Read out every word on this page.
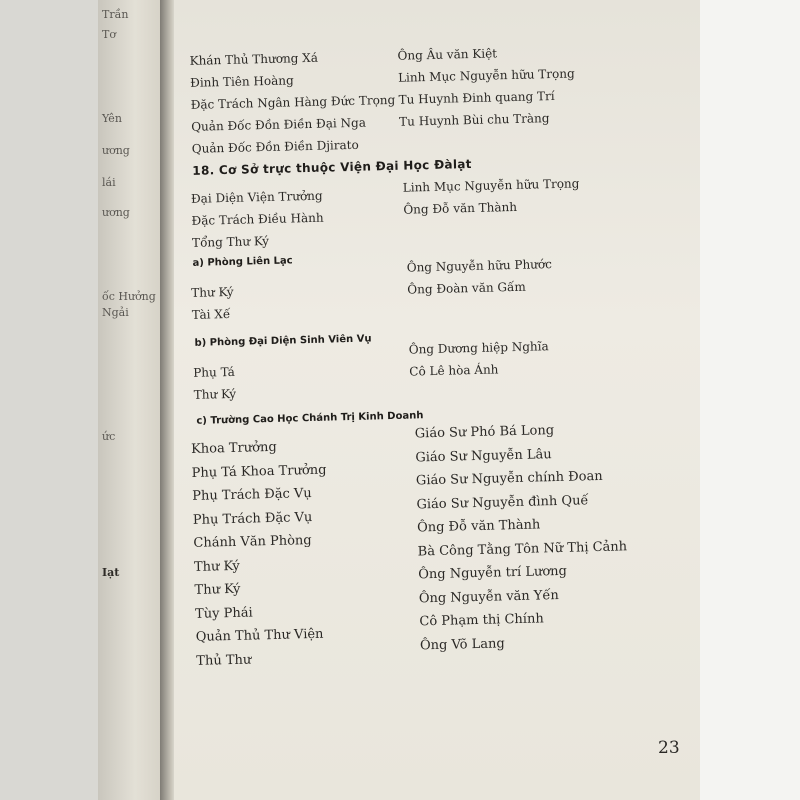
Trần
Tơ
Yên
ương
lái
ương
ốc Hưởng
Ngải
ức
Iạt
Khán Thủ Thương Xá
Đinh Tiên Hoàng
Đặc Trách Ngân Hàng Đức Trọng
Quản Đốc Đồn Điền Đại Nga
Quản Đốc Đồn Điền Djirato
Ông Âu văn Kiệt
Linh Mục Nguyễn hữu Trọng
Tu Huynh Đinh quang Trí
Tu Huynh Bùi chu Tràng
18. Cơ Sở trực thuộc Viện Đại Học Đàlạt
Đại Diện Viện Trưởng
Đặc Trách Điều Hành
Tổng Thư Ký
Linh Mục Nguyễn hữu Trọng
Ông Đỗ văn Thành
a) Phòng Liên Lạc
Thư Ký
Tài Xế
Ông Nguyễn hữu Phước
Ông Đoàn văn Gấm
b) Phòng Đại Diện Sinh Viên Vụ
Phụ Tá
Thư Ký
Ông Dương hiệp Nghĩa
Cô Lê hòa Ánh
c) Trường Cao Học Chánh Trị Kinh Doanh
Khoa Trưởng
Phụ Tá Khoa Trưởng
Phụ Trách Đặc Vụ
Phụ Trách Đặc Vụ
Chánh Văn Phòng
Thư Ký
Thư Ký
Tùy Phái
Quản Thủ Thư Viện
Thủ Thư
Giáo Sư Phó Bá Long
Giáo Sư Nguyễn Lâu
Giáo Sư Nguyễn chính Đoan
Giáo Sư Nguyễn đình Quế
Ông Đỗ văn Thành
Bà Công Tằng Tôn Nữ Thị Cảnh
Ông Nguyễn trí Lương
Ông Nguyễn văn Yến
Cô Phạm thị Chính
Ông Võ Lang
23
